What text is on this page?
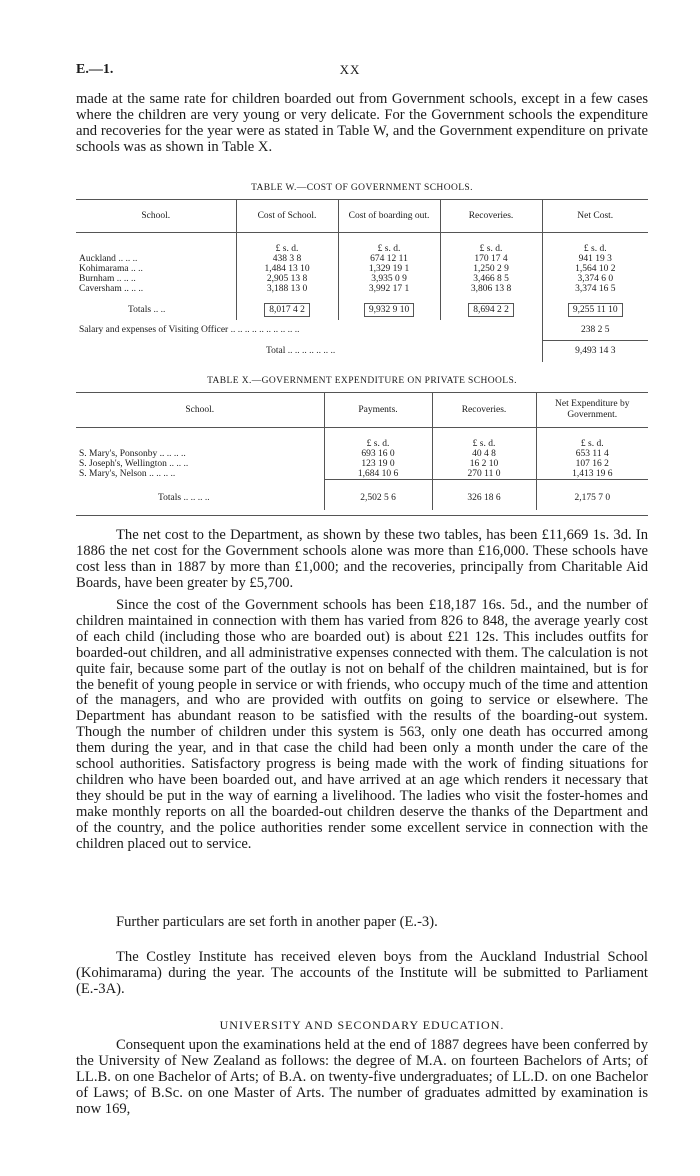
E.—1.	XX

made at the same rate for children boarded out from Government schools, except in a few cases where the children are very young or very delicate. For the Government schools the expenditure and recoveries for the year were as stated in Table W, and the Government expenditure on private schools was as shown in Table X.

TABLE W.—COST OF GOVERNMENT SCHOOLS.
School.	Cost of School.	Cost of boarding out.	Recoveries.	Net Cost.
	£ s. d.	£ s. d.	£ s. d.	£ s. d.
Auckland .. .. ..	438 3 8	674 12 11	170 17 4	941 19 3
Kohimarama .. ..	1,484 13 10	1,329 19 1	1,250 2 9	1,564 10 2
Burnham .. .. ..	2,905 13 8	3,935 0 9	3,466 8 5	3,374 6 0
Caversham .. .. ..	3,188 13 0	3,992 17 1	3,806 13 8	3,374 16 5
Totals .. ..	8,017 4 2	9,932 9 10	8,694 2 2	9,255 11 10
Salary and expenses of Visiting Officer .. .. .. .. .. .. .. .. .. ..				238 2 5
Total .. .. .. .. .. .. ..				9,493 14 3
TABLE X.—GOVERNMENT EXPENDITURE ON PRIVATE SCHOOLS.
School.	Payments.	Recoveries.	Net Expenditure by Government.
	£ s. d.	£ s. d.	£ s. d.
S. Mary's, Ponsonby .. .. .. ..	693 16 0	40 4 8	653 11 4
S. Joseph's, Wellington .. .. ..	123 19 0	16 2 10	107 16 2
S. Mary's, Nelson .. .. .. ..	1,684 10 6	270 11 0	1,413 19 6
Totals .. .. .. ..	2,502 5 6	326 18 6	2,175 7 0

The net cost to the Department, as shown by these two tables, has been £11,669 1s. 3d. In 1886 the net cost for the Government schools alone was more than £16,000. These schools have cost less than in 1887 by more than £1,000; and the recoveries, principally from Charitable Aid Boards, have been greater by £5,700.

Since the cost of the Government schools has been £18,187 16s. 5d., and the number of children maintained in connection with them has varied from 826 to 848, the average yearly cost of each child (including those who are boarded out) is about £21 12s. This includes outfits for boarded-out children, and all administrative expenses connected with them. The calculation is not quite fair, because some part of the outlay is not on behalf of the children maintained, but is for the benefit of young people in service or with friends, who occupy much of the time and attention of the managers, and who are provided with outfits on going to service or elsewhere. The Department has abundant reason to be satisfied with the results of the boarding-out system. Though the number of children under this system is 563, only one death has occurred among them during the year, and in that case the child had been only a month under the care of the school authorities. Satisfactory progress is being made with the work of finding situations for children who have been boarded out, and have arrived at an age which renders it necessary that they should be put in the way of earning a livelihood. The ladies who visit the foster-homes and make monthly reports on all the boarded-out children deserve the thanks of the Department and of the country, and the police authorities render some excellent service in connection with the children placed out to service.

Further particulars are set forth in another paper (E.-3).

The Costley Institute has received eleven boys from the Auckland Industrial School (Kohimarama) during the year. The accounts of the Institute will be submitted to Parliament (E.-3A).

UNIVERSITY AND SECONDARY EDUCATION.

Consequent upon the examinations held at the end of 1887 degrees have been conferred by the University of New Zealand as follows: the degree of M.A. on fourteen Bachelors of Arts; of LL.B. on one Bachelor of Arts; of B.A. on twenty-five undergraduates; of LL.D. on one Bachelor of Laws; of B.Sc. on one Master of Arts. The number of graduates admitted by examination is now 169,
